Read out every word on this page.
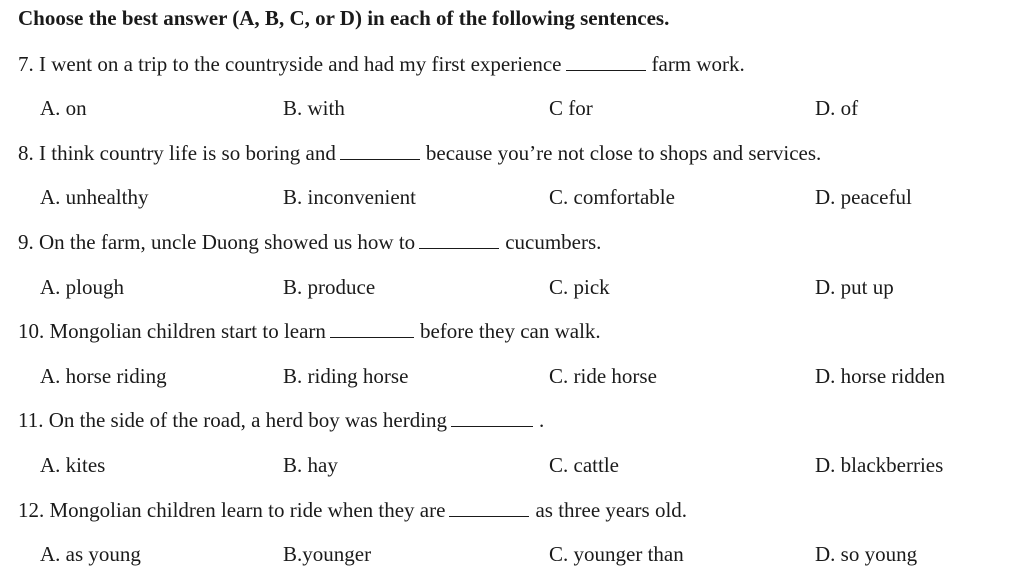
Choose the best answer (A, B, C, or D) in each of the following sentences.
7. I went on a trip to the countryside and had my first experience	farm work.
A. on	B. with	C for	D. of
8. I think country life is so boring and	because you’re not close to shops and services.
A. unhealthy	B. inconvenient	C. comfortable	D. peaceful
9. On the farm, uncle Duong showed us how to	cucumbers.
A. plough	B. produce	C. pick	D. put up
10. Mongolian children start to learn	before they can walk.
A. horse riding	B. riding horse	C. ride horse	D. horse ridden
11. On the side of the road, a herd boy was herding	.
A. kites	B. hay	C. cattle	D. blackberries
12. Mongolian children learn to ride when they are	as three years old.
A. as young	B.younger	C. younger than	D. so young
